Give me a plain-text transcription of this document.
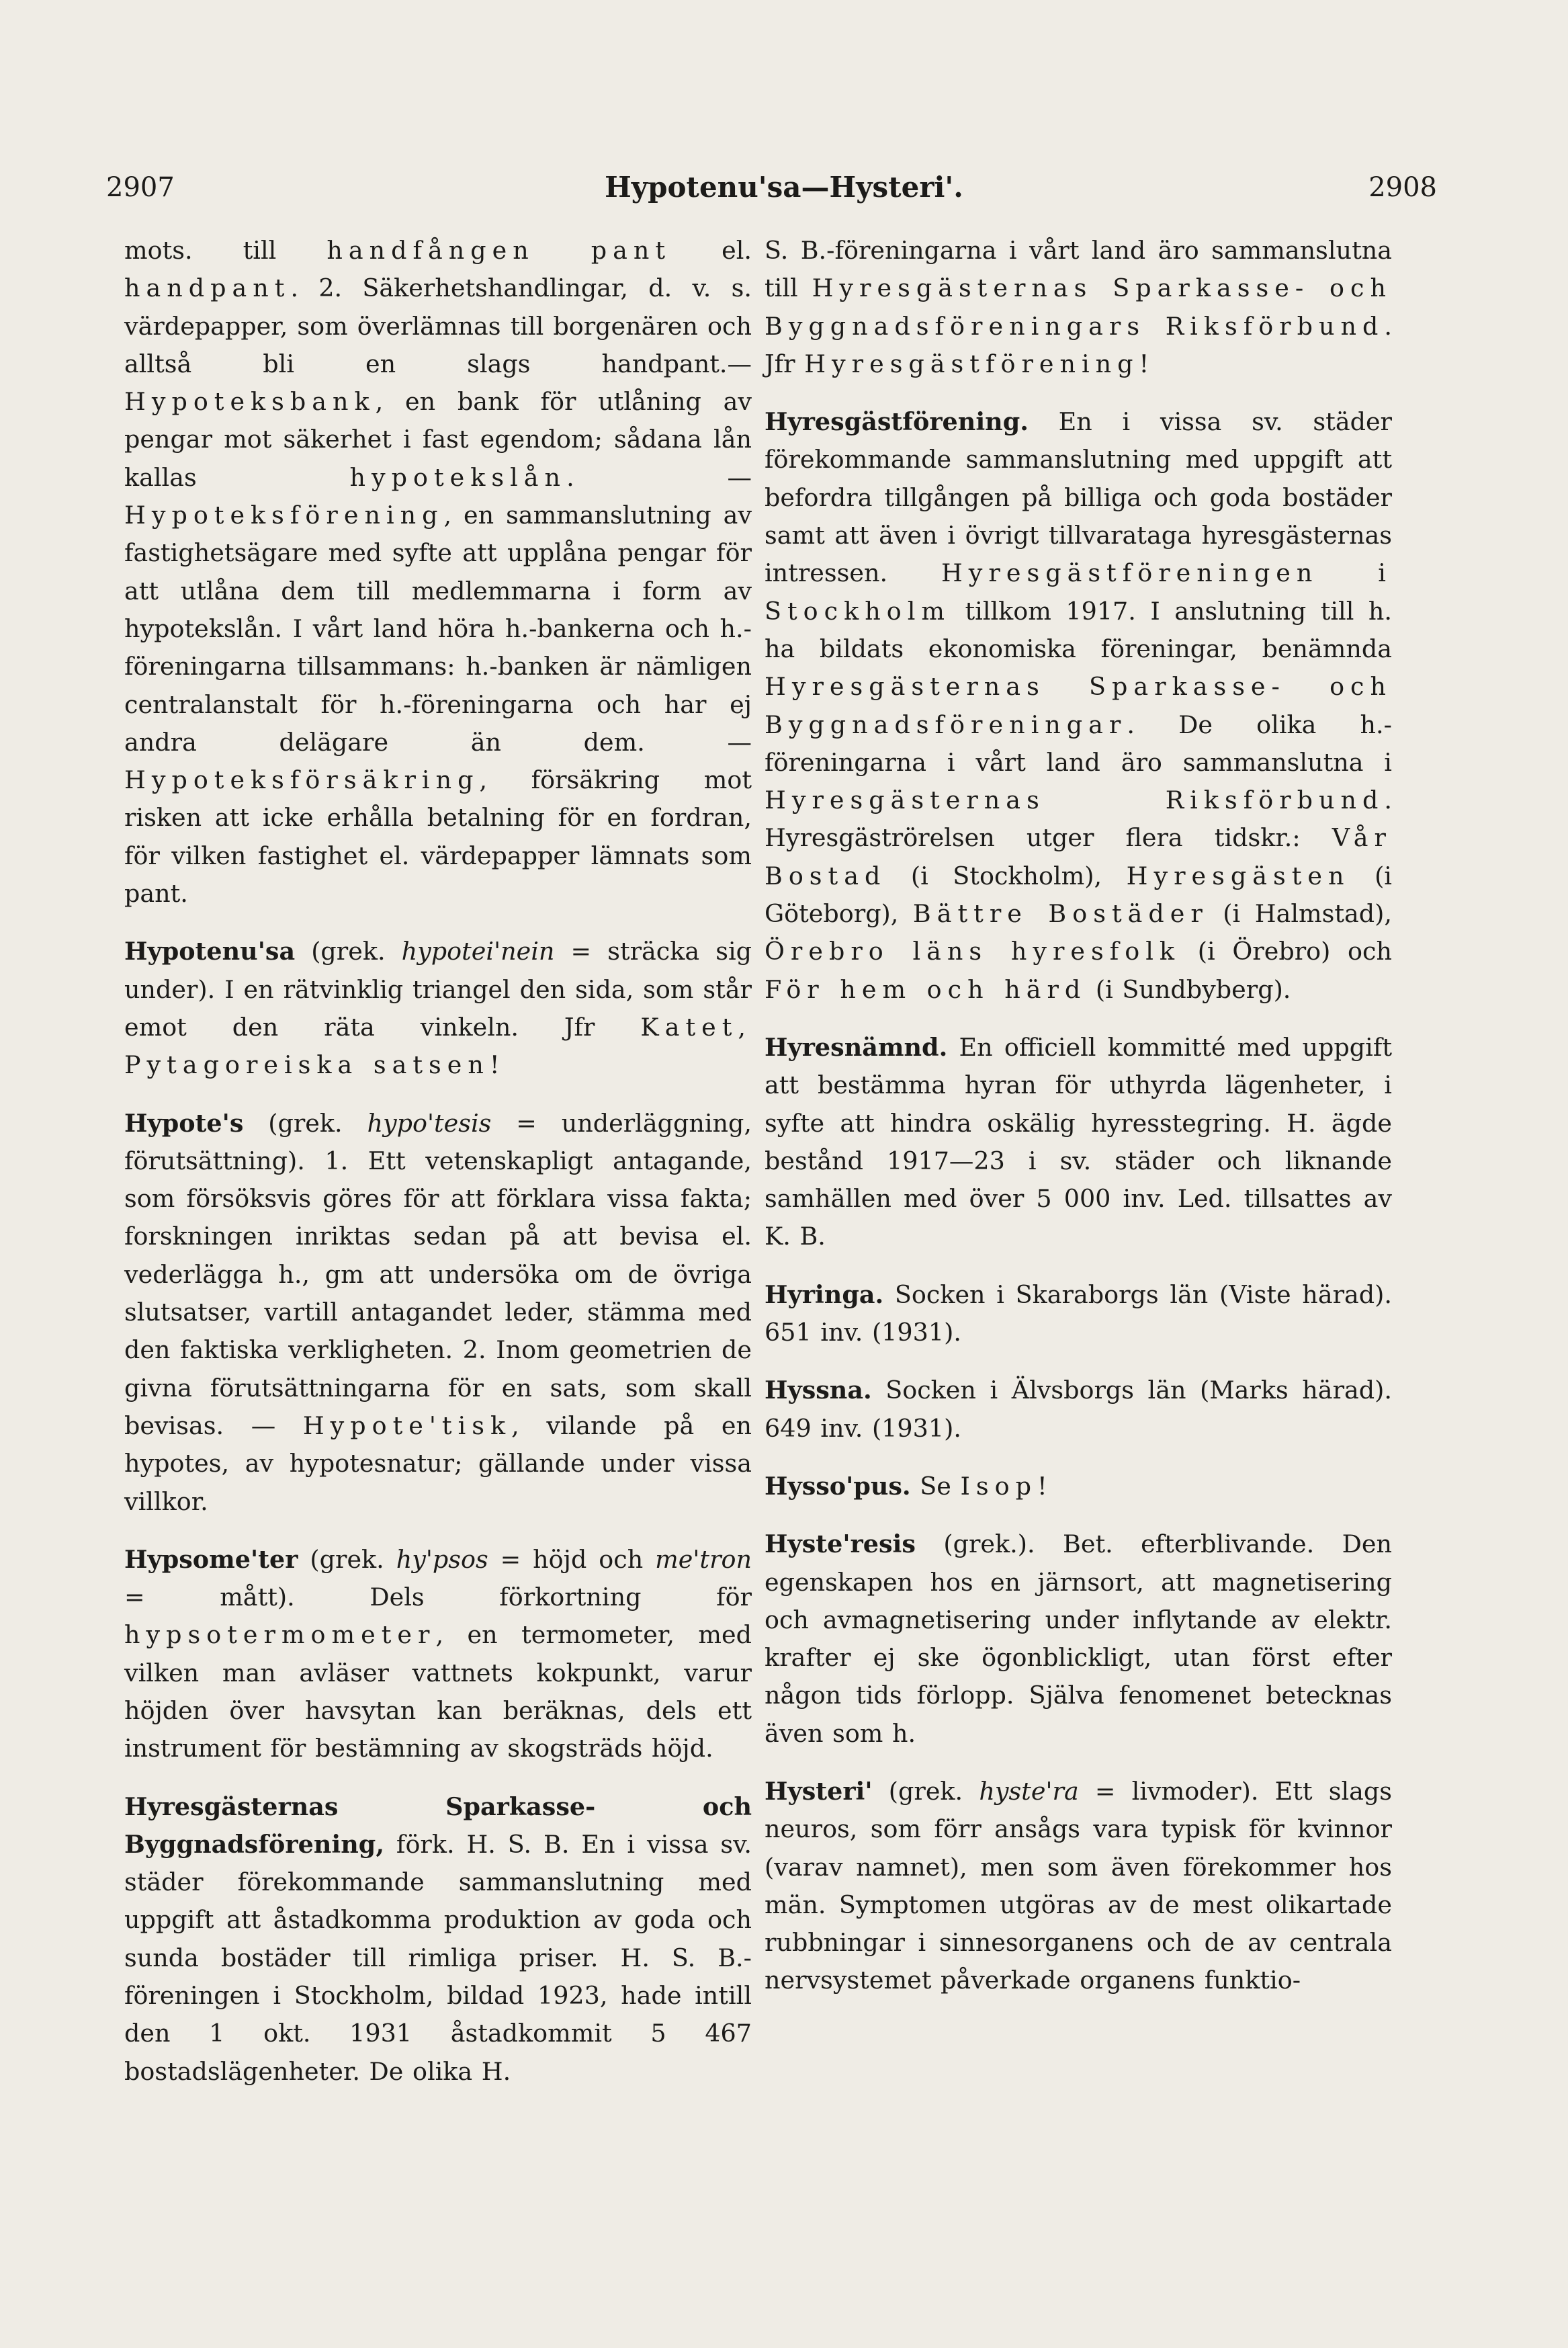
2907	Hypotenu'sa—Hysteri'.	2908

mots. till handfången pant el. handpant. 2. Säkerhetshandlingar, d. v. s. värdepapper, som överlämnas till borgenären och alltså bli en slags handpant.— Hypoteksbank, en bank för utlåning av pengar mot säkerhet i fast egendom; sådana lån kallas hypotekslån. — Hypoteksförening, en sammanslutning av fastighetsägare med syfte att upplåna pengar för att utlåna dem till medlemmarna i form av hypotekslån. I vårt land höra h.-bankerna och h.-föreningarna tillsammans: h.-banken är nämligen centralanstalt för h.-föreningarna och har ej andra delägare än dem. — Hypoteksförsäkring, försäkring mot risken att icke erhålla betalning för en fordran, för vilken fastighet el. värdepapper lämnats som pant.

Hypotenu'sa (grek. hypotei'nein = sträcka sig under). I en rätvinklig triangel den sida, som står emot den räta vinkeln. Jfr Katet, Pytagoreiska satsen!

Hypote's (grek. hypo'tesis = underläggning, förutsättning). 1. Ett vetenskapligt antagande, som försöksvis göres för att förklara vissa fakta; forskningen inriktas sedan på att bevisa el. vederlägga h., gm att undersöka om de övriga slutsatser, vartill antagandet leder, stämma med den faktiska verkligheten. 2. Inom geometrien de givna förutsättningarna för en sats, som skall bevisas. — Hypote'tisk, vilande på en hypotes, av hypotesnatur; gällande under vissa villkor.

Hypsome'ter (grek. hy'psos = höjd och me'tron = mått). Dels förkortning för hypsotermometer, en termometer, med vilken man avläser vattnets kokpunkt, varur höjden över havsytan kan beräknas, dels ett instrument för bestämning av skogsträds höjd.

Hyresgästernas Sparkasse- och Byggnadsförening, förk. H. S. B. En i vissa sv. städer förekommande sammanslutning med uppgift att åstadkomma produktion av goda och sunda bostäder till rimliga priser. H. S. B.-föreningen i Stockholm, bildad 1923, hade intill den 1 okt. 1931 åstadkommit 5 467 bostadslägenheter. De olika H.

S. B.-föreningarna i vårt land äro sammanslutna till Hyresgästernas Sparkasse- och Byggnadsföreningars Riksförbund. Jfr Hyresgästförening!

Hyresgästförening. En i vissa sv. städer förekommande sammanslutning med uppgift att befordra tillgången på billiga och goda bostäder samt att även i övrigt tillvarataga hyresgästernas intressen. Hyresgästföreningen i Stockholm tillkom 1917. I anslutning till h. ha bildats ekonomiska föreningar, benämnda Hyresgästernas Sparkasse- och Byggnadsföreningar. De olika h.-föreningarna i vårt land äro sammanslutna i Hyresgästernas Riksförbund. Hyresgäströrelsen utger flera tidskr.: Vår Bostad (i Stockholm), Hyresgästen (i Göteborg), Bättre Bostäder (i Halmstad), Örebro läns hyresfolk (i Örebro) och För hem och härd (i Sundbyberg).

Hyresnämnd. En officiell kommitté med uppgift att bestämma hyran för uthyrda lägenheter, i syfte att hindra oskälig hyresstegring. H. ägde bestånd 1917—23 i sv. städer och liknande samhällen med över 5 000 inv. Led. tillsattes av K. B.

Hyringa. Socken i Skaraborgs län (Viste härad). 651 inv. (1931).

Hyssna. Socken i Älvsborgs län (Marks härad). 649 inv. (1931).

Hysso'pus. Se Isop!

Hyste'resis (grek.). Bet. efterblivande. Den egenskapen hos en järnsort, att magnetisering och avmagnetisering under inflytande av elektr. krafter ej ske ögonblickligt, utan först efter någon tids förlopp. Själva fenomenet betecknas även som h.

Hysteri' (grek. hyste'ra = livmoder). Ett slags neuros, som förr ansågs vara typisk för kvinnor (varav namnet), men som även förekommer hos män. Symptomen utgöras av de mest olikartade rubbningar i sinnesorganens och de av centrala nervsystemet påverkade organens funktio-
